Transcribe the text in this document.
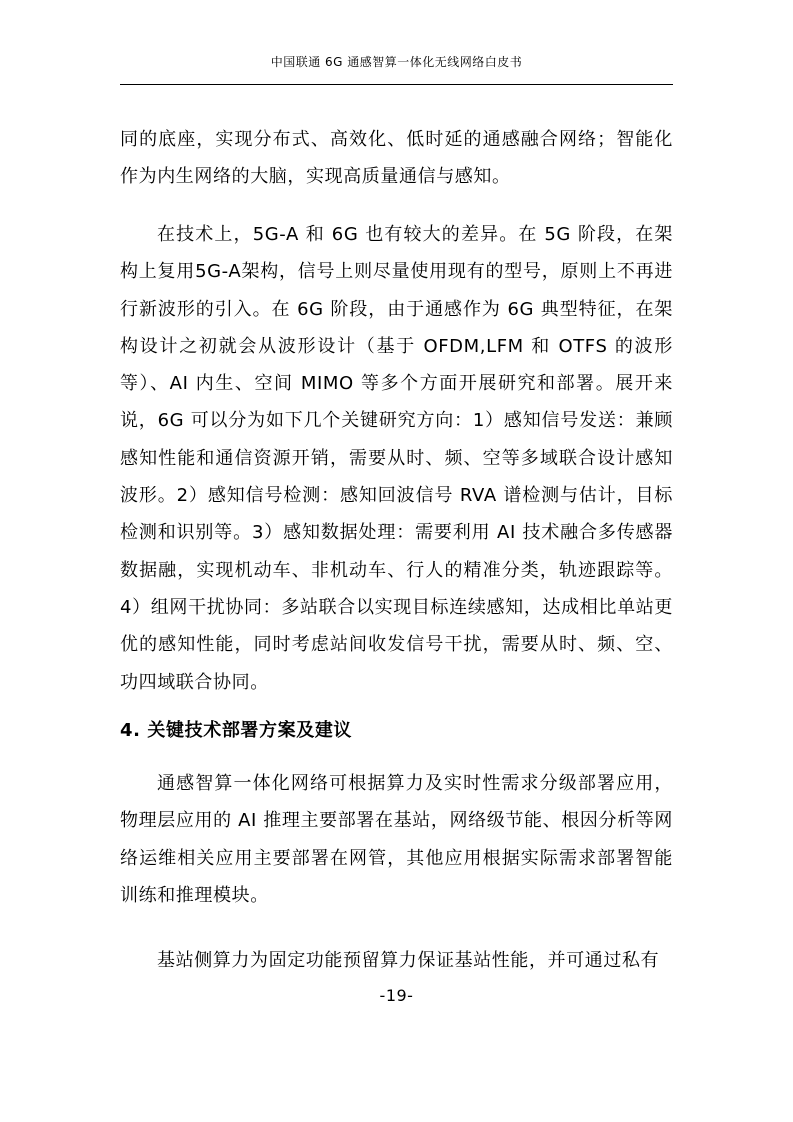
中国联通 6G 通感智算一体化无线网络白皮书

同的底座，实现分布式、高效化、低时延的通感融合网络；智能化作为内生网络的大脑，实现高质量通信与感知。

在技术上，5G-A 和 6G 也有较大的差异。在 5G 阶段，在架构上复用5G-A架构，信号上则尽量使用现有的型号，原则上不再进行新波形的引入。在 6G 阶段，由于通感作为 6G 典型特征，在架构设计之初就会从波形设计（基于 OFDM,LFM 和 OTFS 的波形等）、AI 内生、空间 MIMO 等多个方面开展研究和部署。展开来说，6G 可以分为如下几个关键研究方向：1）感知信号发送：兼顾感知性能和通信资源开销，需要从时、频、空等多域联合设计感知波形。2）感知信号检测：感知回波信号 RVA 谱检测与估计，目标检测和识别等。3）感知数据处理：需要利用 AI 技术融合多传感器数据融，实现机动车、非机动车、行人的精准分类，轨迹跟踪等。4）组网干扰协同：多站联合以实现目标连续感知，达成相比单站更优的感知性能，同时考虑站间收发信号干扰，需要从时、频、空、功四域联合协同。

4. 关键技术部署方案及建议

通感智算一体化网络可根据算力及实时性需求分级部署应用，物理层应用的 AI 推理主要部署在基站，网络级节能、根因分析等网络运维相关应用主要部署在网管，其他应用根据实际需求部署智能训练和推理模块。

基站侧算力为固定功能预留算力保证基站性能，并可通过私有

-19-
